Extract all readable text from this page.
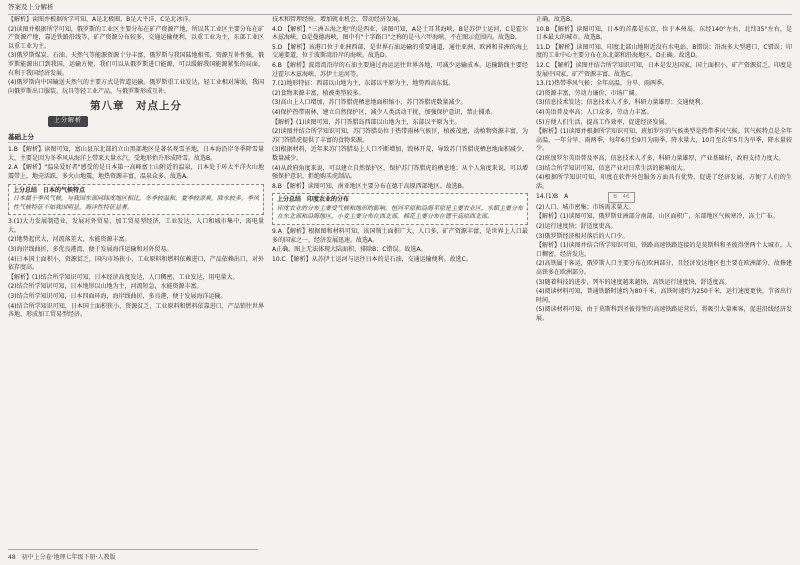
答案及上分解析

【解析】读图并根据所学可知，A是北极圈，B是大平洋，C是北冰洋。

(2)读图并根据所学可知，俄罗斯的工业区主要分布在矿产资源产地，所以其工业区主要分布在矿产资源产地，靠近铁路沿线等，矿产资源分布较多，交通运输便利，以重工业为主，东部工业区以重工业为主。

(3)俄罗斯煤炭、石油、天然气等能源资源十分丰富，俄罗斯与我国陆地相邻，资源互补性强，俄罗斯能源出口到我国，运输方便，我们可以从俄罗斯进口能源，可以缓解我国能源紧张的局面，有利于我国经济发展。

(4)俄罗斯向中国输送天然气的主要方式是管道运输。俄罗斯重工业发达，轻工业相对薄弱，我国向俄罗斯出口服装、玩具等轻工业产品，与俄罗斯形成互补。

第八章　对点上分
上分解析
基础上分

1.B 【解析】读图可知，富山县东北部的立山黑部地区是著名观雪圣地，日本海沿岸冬季降雪量大，主要是因为冬季风从海洋上带来大量水汽，受地形抬升形成降雪。故选B。

2.A 【解析】"温泉爱好者"感受的是日本第一高峰富士山附近的温泉，日本处于环太平洋火山地震带上，地壳活跃，多火山地震，地热资源丰富，温泉众多。故选A。

上分总结　日本的气候特点
日本属于季风气候，与我国东部同纬度地区相比，冬季较温和，夏季较凉爽，降水较多，季风性气候特征不如我国明显，海洋性特征显著。

3.(1)大力发展制造业，发展对外贸易，加工贸易型经济，工业发达，人口和城市集中，需电量大。

(2)地势起伏大，河流落差大，水能资源丰富。

(3)海岸线曲折，多优良港湾，便于发展海洋运输和对外贸易。

(4)日本国土面积小，资源贫乏，国内市场狭小，工业原料和燃料依赖进口，产品依赖出口，对外依存度高。

【解析】(1)结合所学知识可知，日本经济高度发达，人口稠密，工业发达，用电量大。

(2)结合所学知识可知，日本地形以山地为主，河流短急，水能资源丰富。

(3)结合所学知识可知，日本四面环海，海岸线曲折，多良港，便于发展海洋运输。

(4)结合所学知识可知，日本国土面积狭小，资源贫乏，工业原料和燃料依靠进口，产品销往世界各地，形成加工贸易型经济。

技术和管理经验，增加就业机会，带动经济发展。

4.D 【解析】"三洲五海之地"的是西亚，读图可知，A是土耳其海峡，B是苏伊士运河，C是霍尔木兹海峡，D是曼德海峡，图中有"十字路口"之称的是马六甲海峡，不在图示范围内。故选D。

5.D 【解析】该港口位于亚洲西部，是世界石油运输的重要通道，通往亚洲、欧洲和非洲的海上交通要道，位于波斯湾沿岸的海峡。故选D。

6.B 【解析】波湾湾沿岸的石油主要通过海运运往世界各地，可减少运输成本。运输路线主要经过霍尔木兹海峡、苏伊士运河等。

7.(1)地形特征：西部以山地为主，东部以平原为主，地势西高东低。

(2)食物来源丰富，植被类型较多。

(3)高山上人口增加，苏门答腊虎栖息地面积缩小，苏门答腊虎数量减少。

(4)保护热带雨林，建立自然保护区，减少人类活动干扰，加强保护意识，禁止捕杀。

【解析】(1)读图可知，苏门答腊岛西部以山地为主，东部以平原为主。

(2)读图并结合所学知识可知，苏门答腊岛位于热带雨林气候区，植被茂密，动植物资源丰富，为苏门答腊虎提供了丰富的食物来源。

(3)根据材料，近年来苏门答腊岛上人口不断增加，毁林开荒，导致苏门答腊虎栖息地面积减少，数量减少。

(4)从政府角度来说，可以建立自然保护区，保护苏门答腊虎的栖息地；从个人角度来说，可以增强保护意识，拒绝购买虎制品。

8.B 【解析】读图可知，南亚地区主要分布在德干高原西部地区。故选B。

上分总结　印度农业的分布
印度农业的分布主要受气候和地形的影响，恒河平原和沿海平原是主要农业区，水稻主要分布在东北部和沿海地区，小麦主要分布在西北部，棉花主要分布在德干高原西北部。

9.A 【解析】根据图和材料可知，该国领土面积广大，人口多，矿产资源丰富，是世界上人口最多的国家之一，经济发展迅速。故选A。

A正确。图上无法体现大陆面积，排除B；C错误。故选A。

10.C 【解析】从苏伊士运河与运往日本的是石油，交通运输便利。故选C。

正确。故选B。

10.B 【解析】读图可知，日本的首都是东京，位于本州岛，东经140°左右，北纬35°左右，是日本最大的城市。故选B。

11.D 【解析】读图可知，印度北部山地附近没有水电站，B错误；沿海多大型港口，C错误；印度的工业中心主要分布在东北部和沿海地区，D正确。故选D。

12.C 【解析】读图并结合所学知识可知，日本是发达国家，国土面积小，矿产资源贫乏，印度是发展中国家，矿产资源丰富。故选C。

13.(1)热带季风气候；全年高温，分旱、雨两季。

(2)资源丰富，劳动力廉价，市场广阔。

(3)信息技术发达；信息技术人才多，科研力量雄厚；交通便利。

(4)英语普及率高；人口众多，劳动力丰富。

(5)方便人们生活，提高工作效率，促进经济发展。

【解析】(1)读图并根据所学知识可知，班加罗尔的气候类型是热带季风气候。其气候特点是全年高温，一年分旱、雨两季，每年6月至9月为雨季，降水量大，10月至次年5月为旱季，降水量较少。

(2)班加罗尔英语普及率高，信息技术人才多，科研力量雄厚，产业基础好，政府支持力度大。

(3)结合所学知识可知，信息产业对日常生活的影响很大。

(4)根据所学知识可知，印度在软件外包服务方面具有优势，促进了经济发展，方便了人们的生活。

14.(1)B　A	B　46

(2)人口、城市密集；市场需求量大。

【解析】(1)读图可知，俄罗斯亚洲部分南部，山区面积广，东部地区气候寒冷，冻土广布。

(2)运行速度快；舒适度更高。

(3)俄罗斯经济相对落后的人口少。

【解析】(1)读图并结合所学知识可知，铁路高速铁路连接的是莫斯科和圣彼得堡两个大城市，人口稠密，经济发达。

(2)高铁属于客运，俄罗斯人口主要分布在欧洲部分，且经济发达地区也主要在欧洲部分，故修建高铁多在欧洲部分。

(3)随着科技的进步，列车的速度越来越快，高铁运行速度快，舒适度高。

(4)阅读材料可知，普通铁路时速约为80千米，高铁时速约为250千米，运行速度更快，节省出行时间。

(5)阅读材料可知，由于莫斯科到圣彼得堡的高速铁路运营后，将吸引大量乘客，促进沿线经济发展。

48　初中上分卷·地理七年级下册·人教版
